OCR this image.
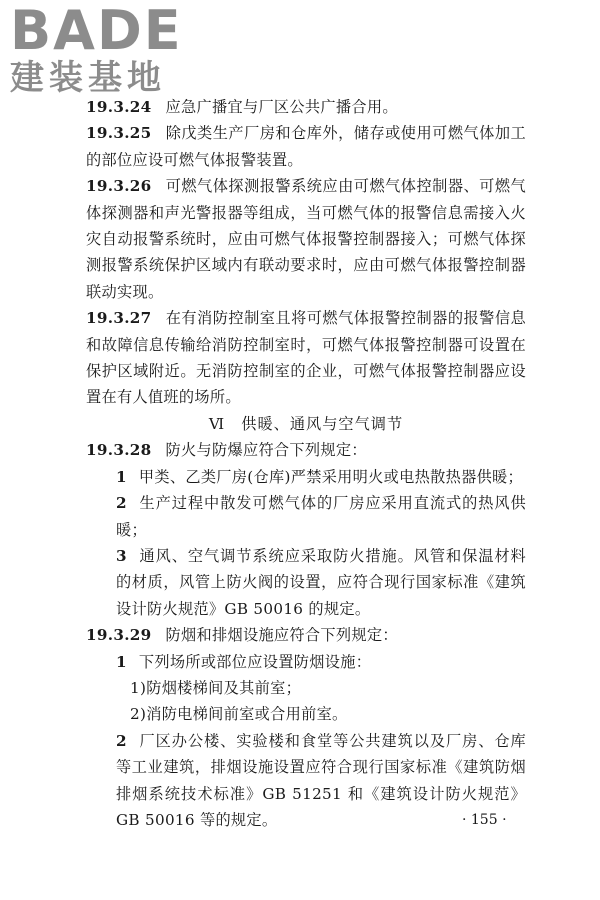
BADE
建装基地

19.3.24 应急广播宜与厂区公共广播合用。

19.3.25 除戊类生产厂房和仓库外，储存或使用可燃气体加工的部位应设可燃气体报警装置。

19.3.26 可燃气体探测报警系统应由可燃气体控制器、可燃气体探测器和声光警报器等组成，当可燃气体的报警信息需接入火灾自动报警系统时，应由可燃气体报警控制器接入；可燃气体探测报警系统保护区域内有联动要求时，应由可燃气体报警控制器联动实现。

19.3.27 在有消防控制室且将可燃气体报警控制器的报警信息和故障信息传输给消防控制室时，可燃气体报警控制器可设置在保护区域附近。无消防控制室的企业，可燃气体报警控制器应设置在有人值班的场所。

Ⅵ　供暖、通风与空气调节

19.3.28 防火与防爆应符合下列规定：

1 甲类、乙类厂房(仓库)严禁采用明火或电热散热器供暖；

2 生产过程中散发可燃气体的厂房应采用直流式的热风供暖；

3 通风、空气调节系统应采取防火措施。风管和保温材料的材质，风管上防火阀的设置，应符合现行国家标准《建筑设计防火规范》GB 50016 的规定。

19.3.29 防烟和排烟设施应符合下列规定：

1 下列场所或部位应设置防烟设施：

1)防烟楼梯间及其前室；

2)消防电梯间前室或合用前室。

2 厂区办公楼、实验楼和食堂等公共建筑以及厂房、仓库等工业建筑，排烟设施设置应符合现行国家标准《建筑防烟排烟系统技术标准》GB 51251 和《建筑设计防火规范》GB 50016 等的规定。	· 155 ·
